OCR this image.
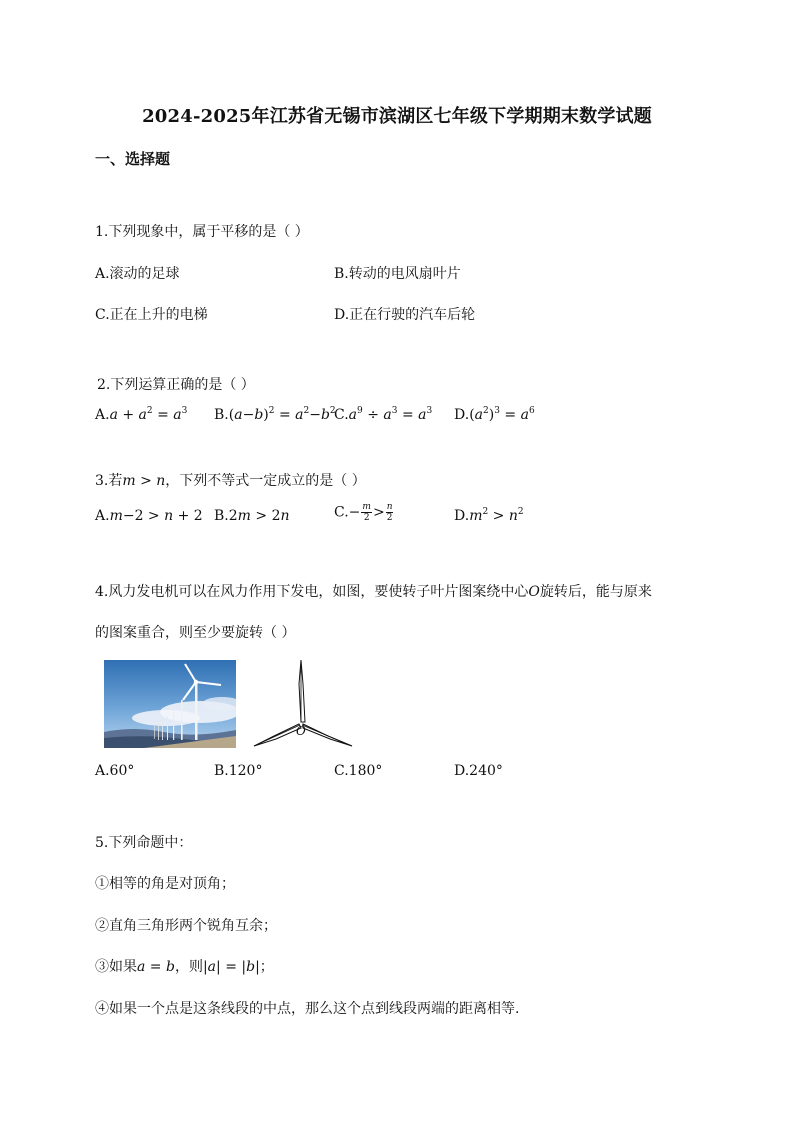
2024-2025年江苏省无锡市滨湖区七年级下学期期末数学试题
一、选择题
1.下列现象中，属于平移的是（ ）
A.滚动的足球	B.转动的电风扇叶片
C.正在上升的电梯	D.正在行驶的汽车后轮
2.下列运算正确的是（ ）
$A.a + a^2 = a^3$ $B.(a-b)^2 = a^2-b^2$
$C.a^9 \div a^3 = a^3$ $D.(a^2)^3 = a^6$
3.若m > n，下列不等式一定成立的是（ ）
A.m−2 > n + 2 B.2m > 2n	$C.- \frac{m}{2} > \frac{n}{2}$	$D.m^2 > n^2$
4.风力发电机可以在风力作用下发电，如图，要使转子叶片图案绕中心O旋转后，能与原来
的图案重合，则至少要旋转（ ）
O
A.60°	B.120°	C.180°	D.240°
5.下列命题中：
①相等的角是对顶角；
②直角三角形两个锐角互余；
③如果a = b，则|a| = |b|；
④如果一个点是这条线段的中点，那么这个点到线段两端的距离相等.
